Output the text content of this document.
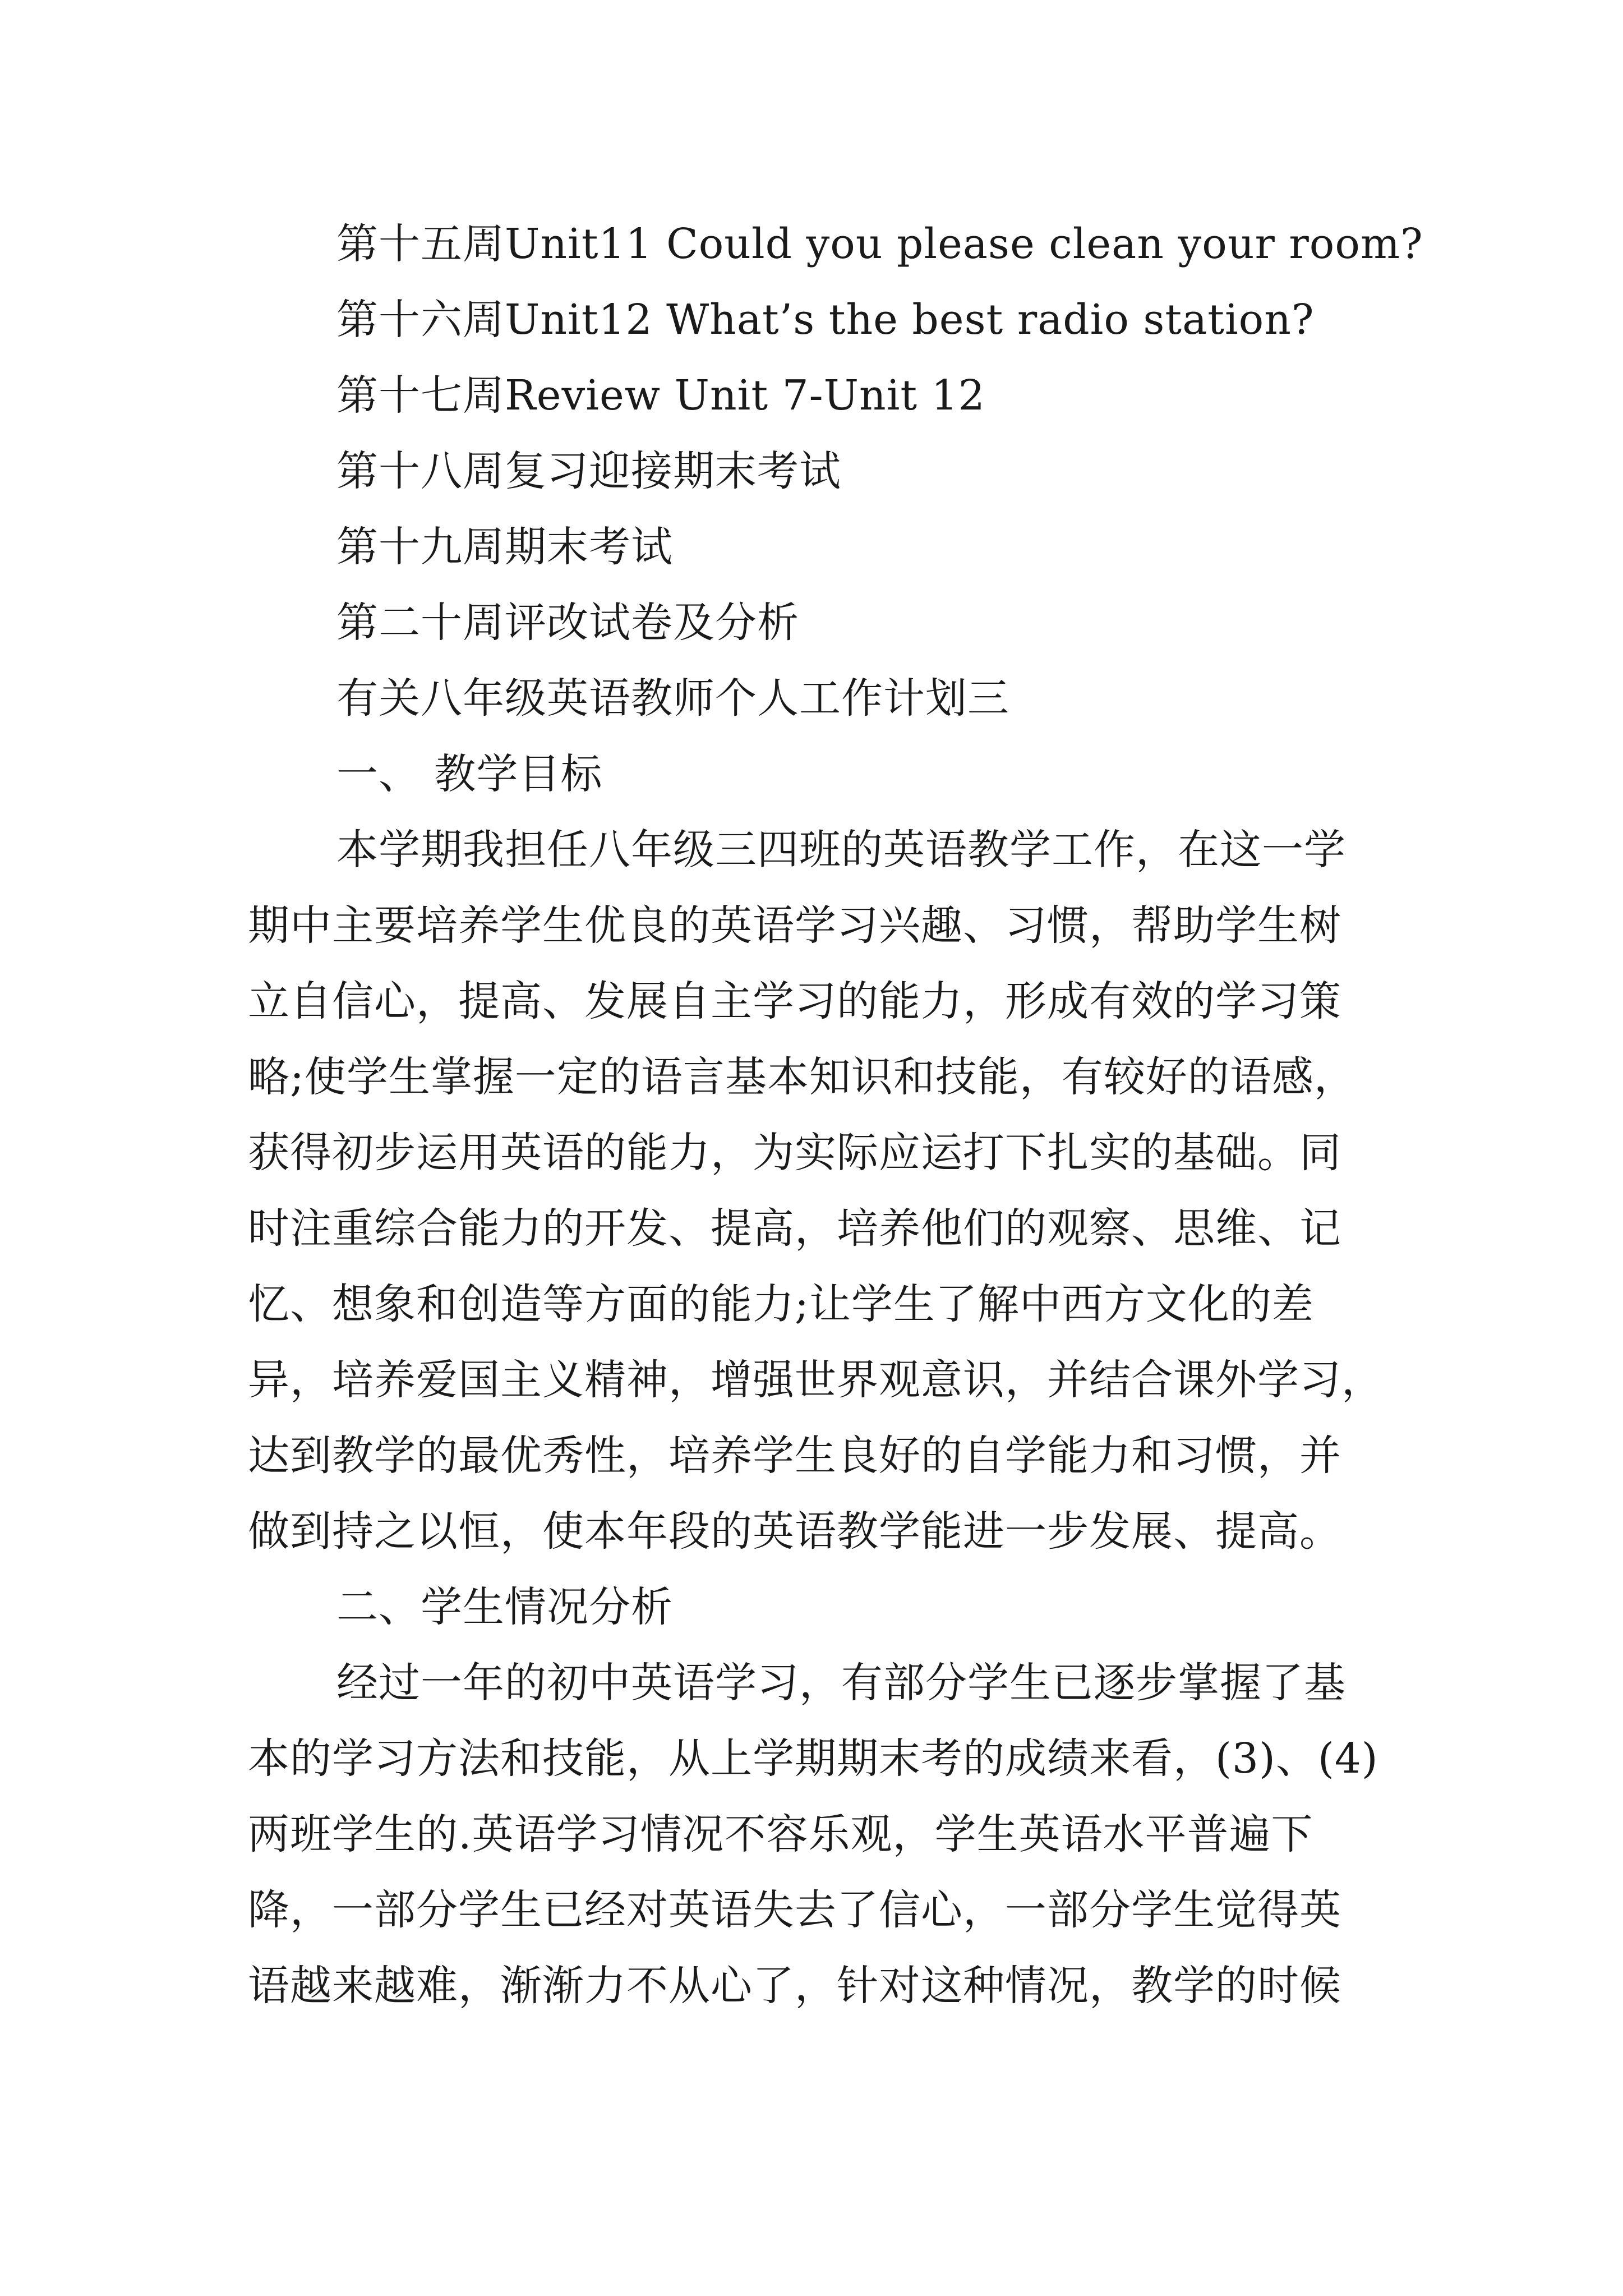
第十五周Unit11 Could you please clean your room?
第十六周Unit12 What’s the best radio station?
第十七周Review Unit 7-Unit 12
第十八周复习迎接期末考试
第十九周期末考试
第二十周评改试卷及分析
有关八年级英语教师个人工作计划三
一、 教学目标
本学期我担任八年级三四班的英语教学工作，在这一学
期中主要培养学生优良的英语学习兴趣、习惯，帮助学生树
立自信心，提高、发展自主学习的能力，形成有效的学习策
略;使学生掌握一定的语言基本知识和技能，有较好的语感，
获得初步运用英语的能力，为实际应运打下扎实的基础。同
时注重综合能力的开发、提高，培养他们的观察、思维、记
忆、想象和创造等方面的能力;让学生了解中西方文化的差
异，培养爱国主义精神，增强世界观意识，并结合课外学习，
达到教学的最优秀性，培养学生良好的自学能力和习惯，并
做到持之以恒，使本年段的英语教学能进一步发展、提高。
二、学生情况分析
经过一年的初中英语学习，有部分学生已逐步掌握了基
本的学习方法和技能，从上学期期末考的成绩来看，(3)、(4)
两班学生的.英语学习情况不容乐观，学生英语水平普遍下
降，一部分学生已经对英语失去了信心，一部分学生觉得英
语越来越难，渐渐力不从心了，针对这种情况，教学的时候
